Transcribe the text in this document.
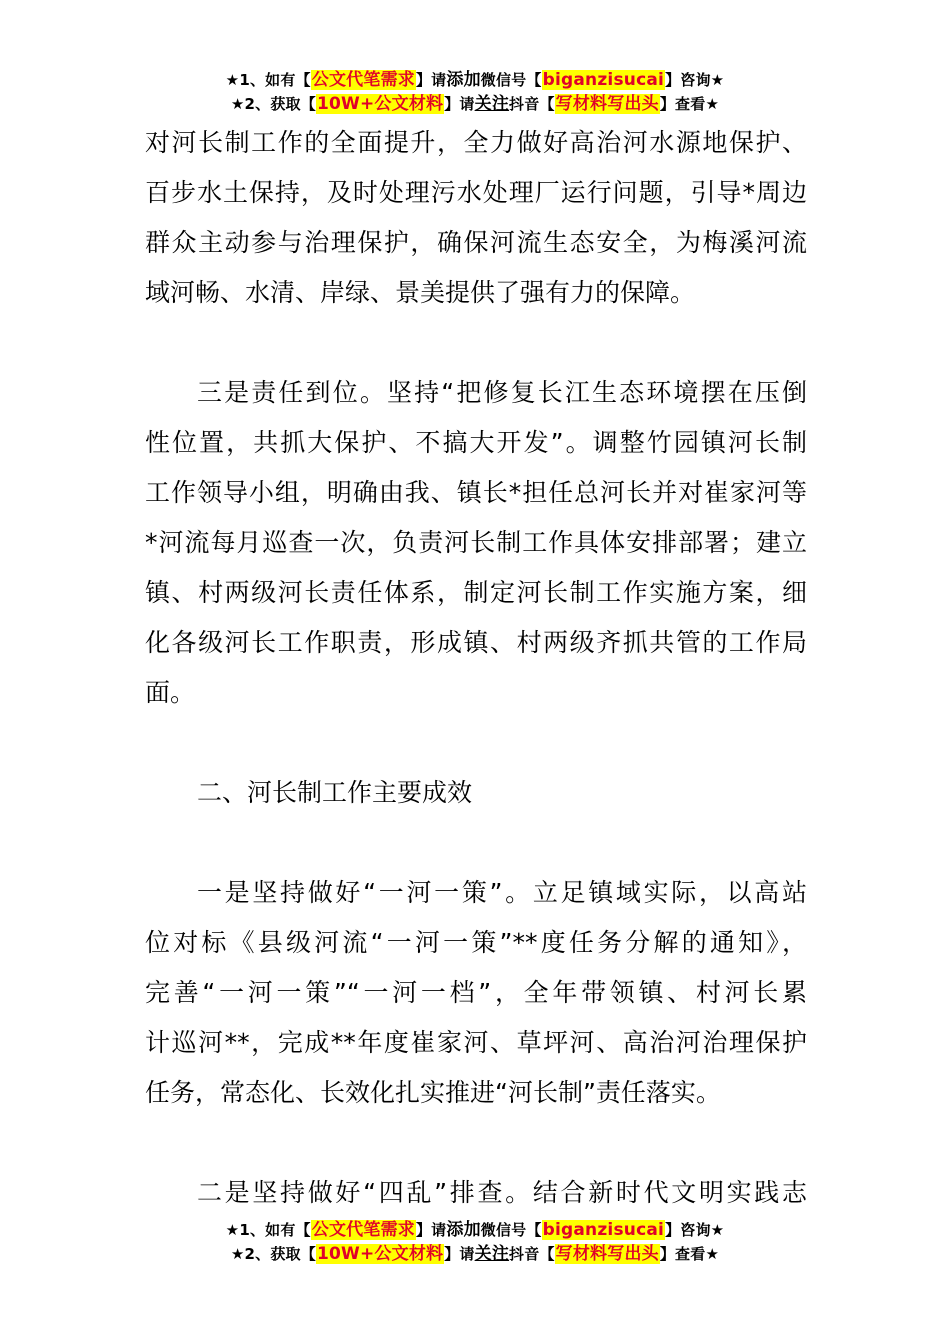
★1、如有【公文代笔需求】请添加微信号【biganzisucai】咨询★
★2、获取【10W+公文材料】请关注抖音【写材料写出头】查看★

对河长制工作的全面提升，全力做好高治河水源地保护、
百步水土保持，及时处理污水处理厂运行问题，引导*周边
群众主动参与治理保护，确保河流生态安全，为梅溪河流
域河畅、水清、岸绿、景美提供了强有力的保障。

三是责任到位。坚持“把修复长江生态环境摆在压倒
性位置，共抓大保护、不搞大开发”。调整竹园镇河长制
工作领导小组，明确由我、镇长*担任总河长并对崔家河等
*河流每月巡查一次，负责河长制工作具体安排部署；建立
镇、村两级河长责任体系，制定河长制工作实施方案，细
化各级河长工作职责，形成镇、村两级齐抓共管的工作局
面。

二、河长制工作主要成效

一是坚持做好“一河一策”。立足镇域实际，以高站
位对标《县级河流“一河一策”**度任务分解的通知》，
完善“一河一策”“一河一档”，全年带领镇、村河长累
计巡河**，完成**年度崔家河、草坪河、高治河治理保护
任务，常态化、长效化扎实推进“河长制”责任落实。

二是坚持做好“四乱”排查。结合新时代文明实践志

★1、如有【公文代笔需求】请添加微信号【biganzisucai】咨询★
★2、获取【10W+公文材料】请关注抖音【写材料写出头】查看★
